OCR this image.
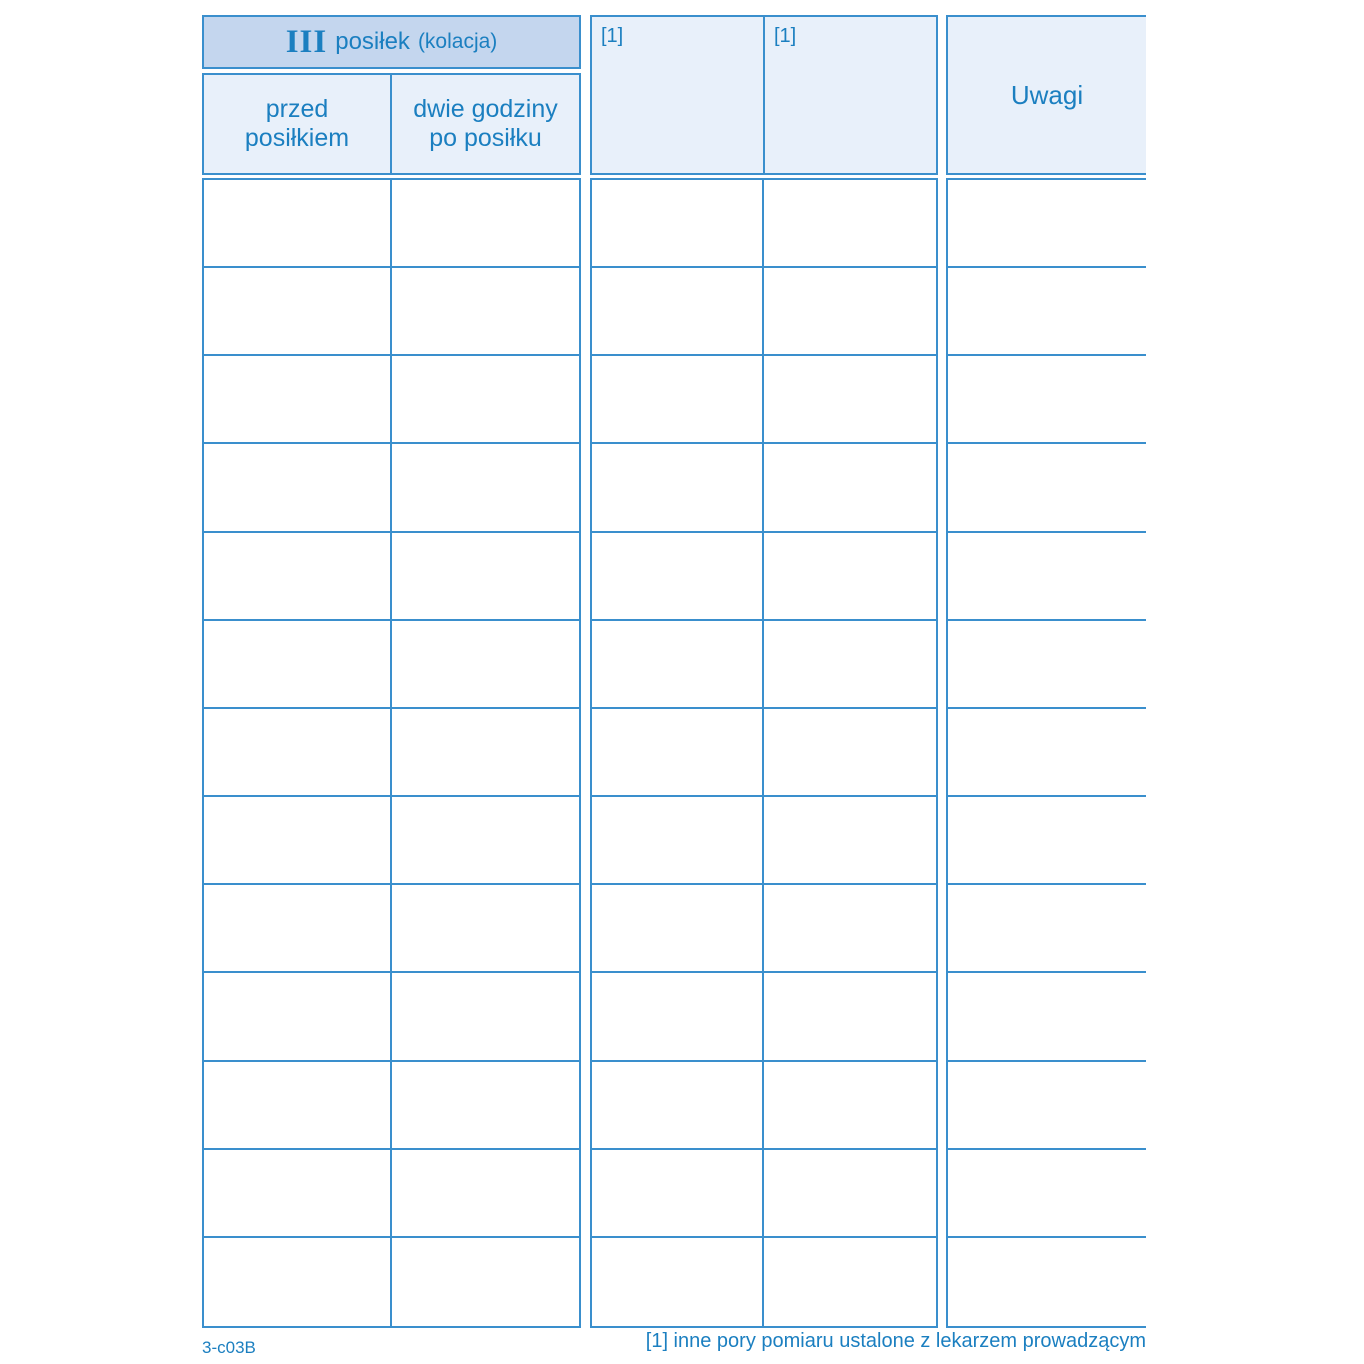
III posiłek (kolacja)
przed
posiłkiem
dwie godziny
po posiłku
[1]	[1]
Uwagi
3-c03B	[1] inne pory pomiaru ustalone z lekarzem prowadzącym
